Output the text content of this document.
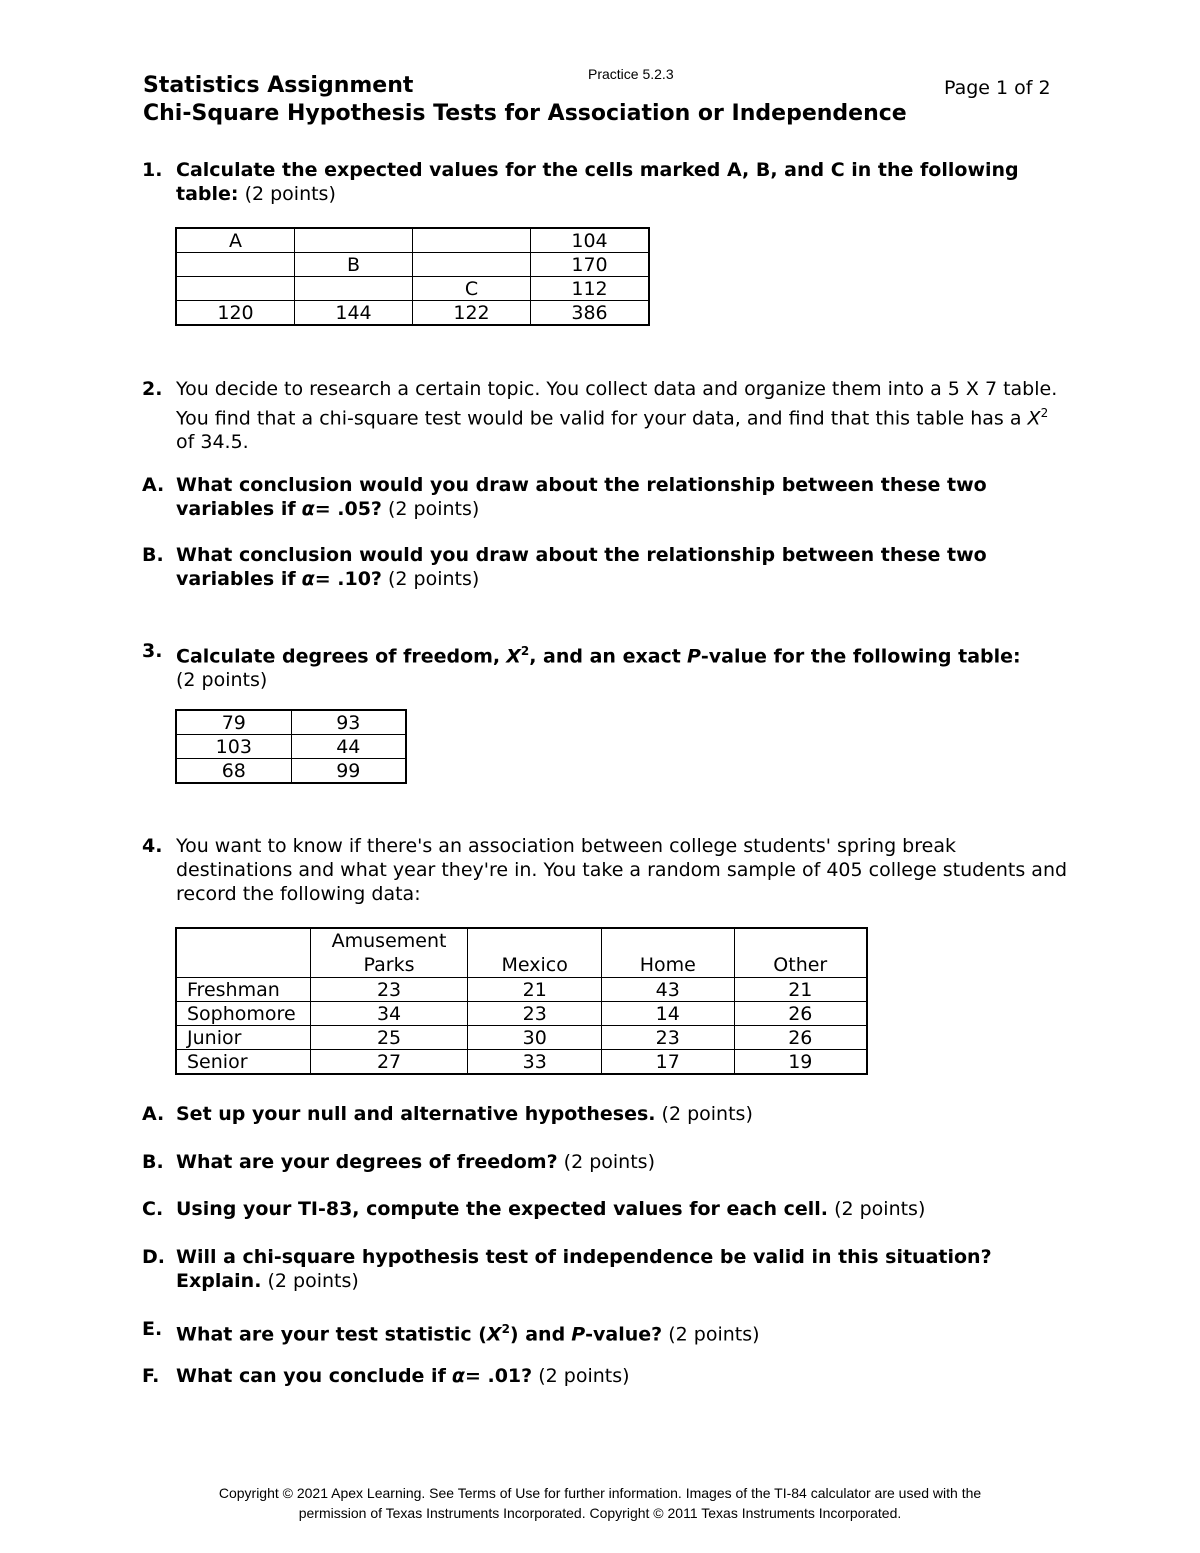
Practice 5.2.3
Statistics Assignment
Chi-Square Hypothesis Tests for Association or Independence
Page 1 of 2
1. Calculate the expected values for the cells marked A, B, and C in the following table: (2 points)
A			104
	B		170
		C	112
120	144	122	386
2. You decide to research a certain topic. You collect data and organize them into a 5 X 7 table. You find that a chi-square test would be valid for your data, and find that this table has a $X^2$ of 34.5.
A. What conclusion would you draw about the relationship between these two variables if α= .05? (2 points)
B. What conclusion would you draw about the relationship between these two variables if α= .10? (2 points)
3. Calculate degrees of freedom, $X^2$, and an exact P-value for the following table:
(2 points)
79	93
103	44
68	99
4. You want to know if there's an association between college students' spring break destinations and what year they're in. You take a random sample of 405 college students and record the following data:
	Amusement Parks	Mexico	Home	Other
Freshman	23	21	43	21
Sophomore	34	23	14	26
Junior	25	30	23	26
Senior	27	33	17	19
A. Set up your null and alternative hypotheses. (2 points)
B. What are your degrees of freedom? (2 points)
C. Using your TI-83, compute the expected values for each cell. (2 points)
D. Will a chi-square hypothesis test of independence be valid in this situation? Explain. (2 points)
E. What are your test statistic $(X^2)$ and P-value? (2 points)
F. What can you conclude if α= .01? (2 points)
Copyright © 2021 Apex Learning. See Terms of Use for further information. Images of the TI-84 calculator are used with the
permission of Texas Instruments Incorporated. Copyright © 2011 Texas Instruments Incorporated.
